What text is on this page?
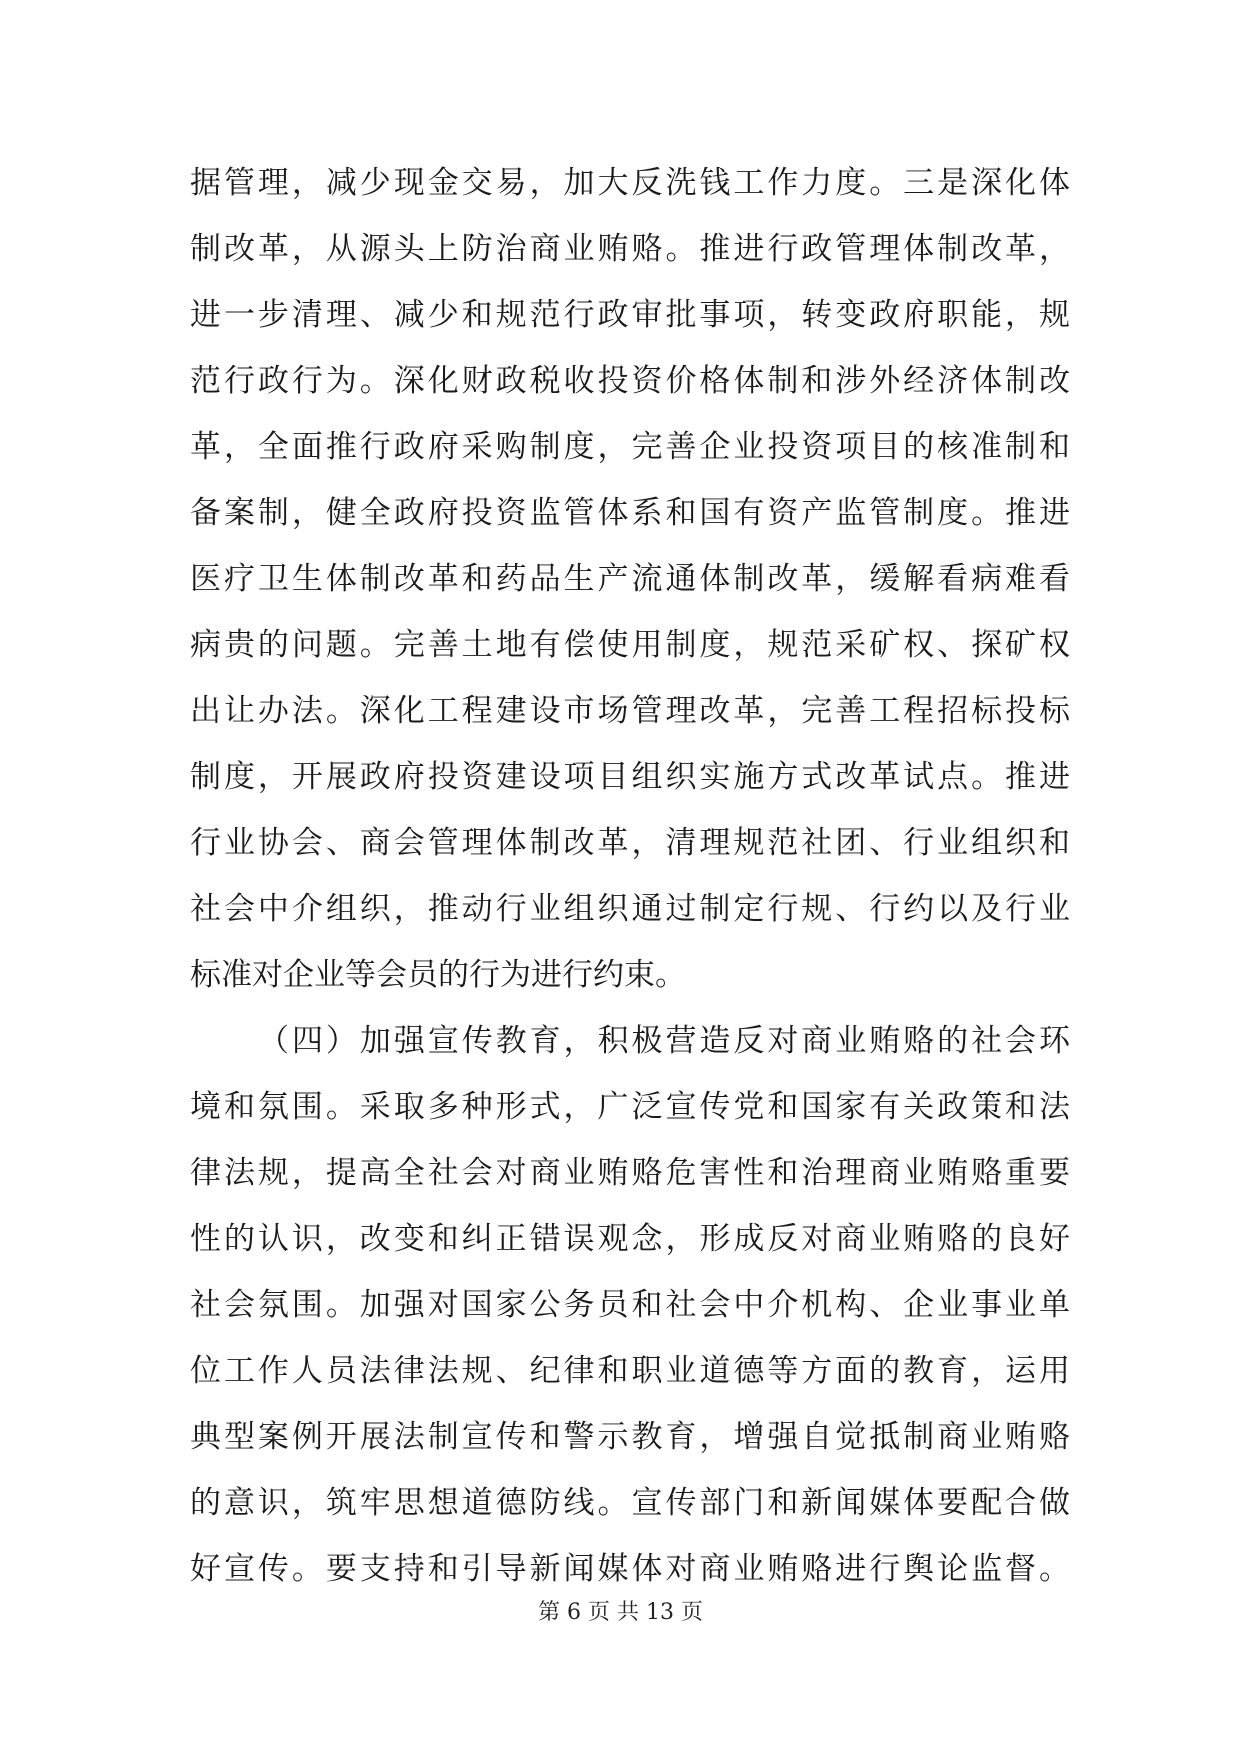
据管理，减少现金交易，加大反洗钱工作力度。三是深化体
制改革，从源头上防治商业贿赂。推进行政管理体制改革，
进一步清理、减少和规范行政审批事项，转变政府职能，规
范行政行为。深化财政税收投资价格体制和涉外经济体制改
革，全面推行政府采购制度，完善企业投资项目的核准制和
备案制，健全政府投资监管体系和国有资产监管制度。推进
医疗卫生体制改革和药品生产流通体制改革，缓解看病难看
病贵的问题。完善土地有偿使用制度，规范采矿权、探矿权
出让办法。深化工程建设市场管理改革，完善工程招标投标
制度，开展政府投资建设项目组织实施方式改革试点。推进
行业协会、商会管理体制改革，清理规范社团、行业组织和
社会中介组织，推动行业组织通过制定行规、行约以及行业
标准对企业等会员的行为进行约束。
（四）加强宣传教育，积极营造反对商业贿赂的社会环
境和氛围。采取多种形式，广泛宣传党和国家有关政策和法
律法规，提高全社会对商业贿赂危害性和治理商业贿赂重要
性的认识，改变和纠正错误观念，形成反对商业贿赂的良好
社会氛围。加强对国家公务员和社会中介机构、企业事业单
位工作人员法律法规、纪律和职业道德等方面的教育，运用
典型案例开展法制宣传和警示教育，增强自觉抵制商业贿赂
的意识，筑牢思想道德防线。宣传部门和新闻媒体要配合做
好宣传。要支持和引导新闻媒体对商业贿赂进行舆论监督。
第 6 页 共 13 页
